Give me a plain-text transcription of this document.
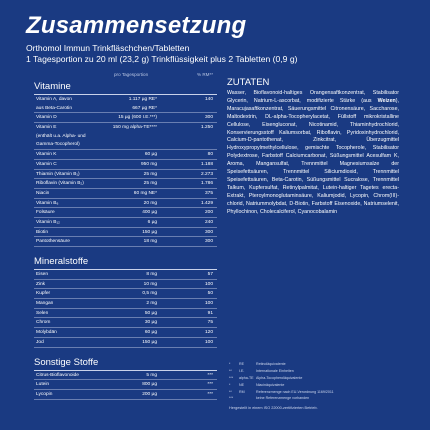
Zusammensetzung
Orthomol Immun Trinkfläschchen/Tabletten
1 Tagesportion zu 20 ml (23,2 g) Trinkflüssigkeit plus 2 Tabletten (0,9 g)
pro Tagesportion	% RM**
Vitamine
Vitamin A, davon	1.117 µg RE*	140
aus Beta-Carotin	667 µg RE*
Vitamin D	15 µg (600 I.E.***)	300
Vitamin E	150 mg alpha-TE****	1.250
(enthält u.a. Alpha- und
Gamma-Tocopherol)
Vitamin K	60 µg	80
Vitamin C	950 mg	1.188
Thiamin (Vitamin B₁)	25 mg	2.273
Riboflavin (Vitamin B₂)	25 mg	1.786
Niacin	60 mg NE*	375
Vitamin B₆	20 mg	1.429
Folsäure	400 µg	200
Vitamin B₁₂	6 µg	240
Biotin	150 µg	300
Pantothensäure	18 mg	300
Mineralstoffe
Eisen	8 mg	57
Zink	10 mg	100
Kupfer	0,5 mg	50
Mangan	2 mg	100
Selen	50 µg	91
Chrom	30 µg	75
Molybdän	60 µg	120
Jod	150 µg	100
Sonstige Stoffe
Citrus-Bioflavonoide	5 mg	***
Lutein	800 µg	***
Lycopin	200 µg	***
ZUTATEN
Wasser, Bioflavonoid-haltiges Orangensaftkonzentrat, Stabilisator Glycerin, Natrium-L-ascorbat, modifizierte Stärke (aus Weizen), Maracujasaftkonzentrat, Säuerungsmittel Citronensäure, Saccharose, Maltodextrin, DL-alpha-Tocopherylacetat, Füllstoff mikrokristalline Cellulose, Eisengluconat, Nicotinamid, Thiaminhydrochlorid, Konservierungsstoff Kaliumsorbat, Riboflavin, Pyridoxinhydrochlorid, Calcium-D-pantothenat, Zinkcitrat, Überzugmittel Hydroxypropylmethylcellulose, gemischte Tocopherole, Stabilisator Polydextrose, Farbstoff Calciumcarbonat, Süßungsmittel Acesulfam K, Aroma, Mangansulfat, Trennmittel Magnesiumsalze der Speisefettsäuren, Trennmittel Siliciumdioxid, Trennmittel Speisefettsäuren, Beta-Carotin, Süßungsmittel Sucralose, Trennmittel Talkum, Kupfersulfat, Retinylpalmitat, Lutein-haltiger Tagetes erecta-Extrakt, Pteroylmonoglutaminsäure, Kaliumjodid, Lycopin, Chrom(III)-chlorid, Natriummolybdat, D-Biotin, Farbstoff Eisenoxide, Natriumselenit, Phyllochinon, Cholecalciferol, Cyanocobalamin
* RE	Retinoläquivalente
** I.E.	Internationale Einheiten
*** alpha-TE Alpha-Tocopheroläquivalente
* NE	Niacinäquivalente
** RM	Referenzmenge nach EU-Verordnung 1169/2011
***	keine Referenzmenge vorhanden
Hergestellt in einem ISO 22000-zertifizierten Betrieb.
